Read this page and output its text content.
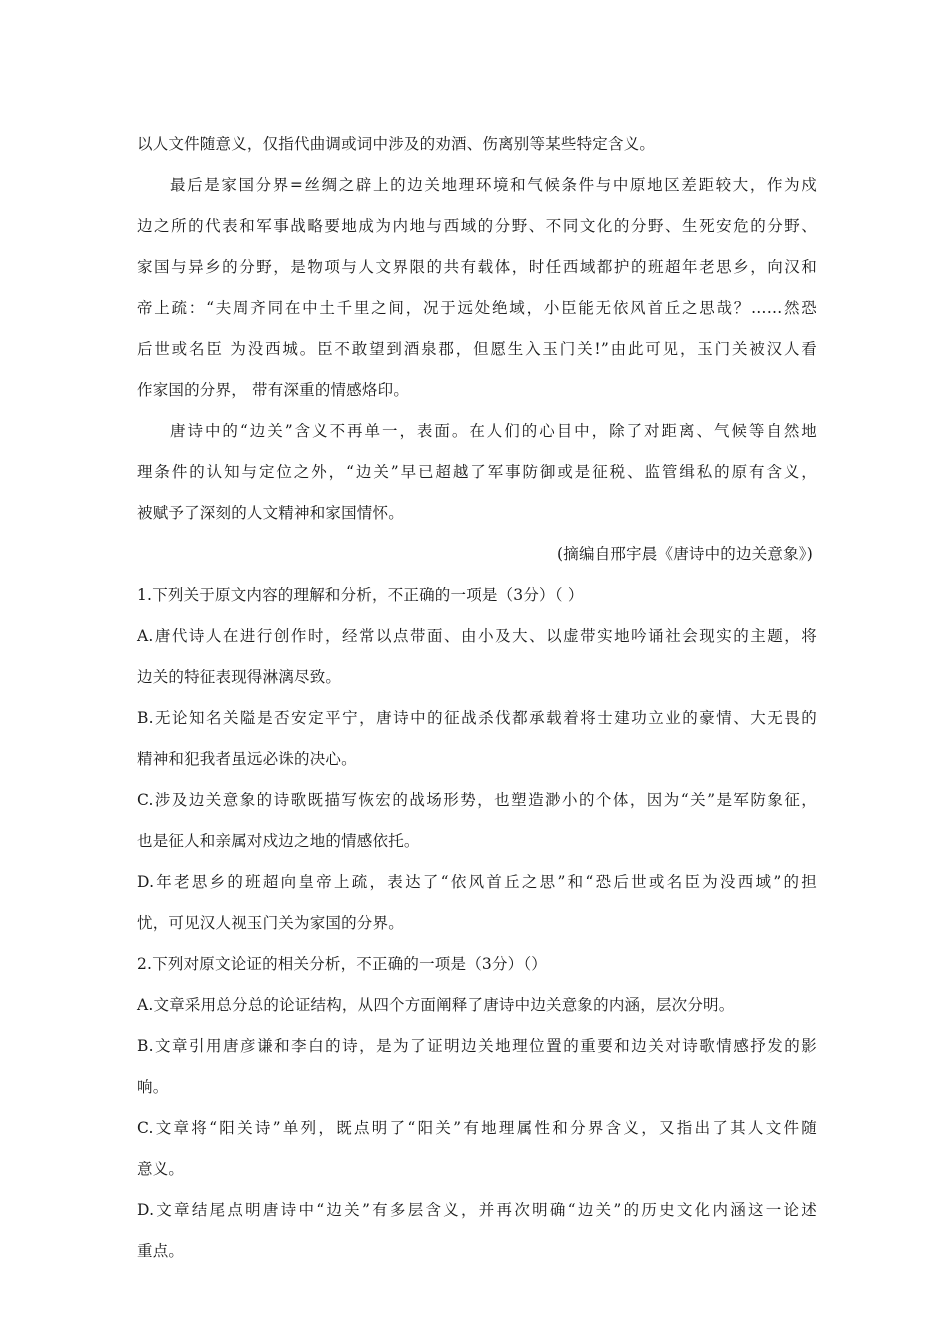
以人文件随意义，仅指代曲调或词中涉及的劝酒、伤离别等某些特定含义。
最后是家国分界=丝绸之辟上的边关地理环境和气候条件与中原地区差距较大，作为戍
边之所的代表和军事战略要地成为内地与西域的分野、不同文化的分野、生死安危的分野、
家国与异乡的分野，是物项与人文界限的共有载体，时任西域都护的班超年老思乡，向汉和
帝上疏：“夫周齐同在中土千里之间，况于远处绝域，小臣能无依风首丘之思哉？……然恐
后世或名臣 为没西城。臣不敢望到酒泉郡，但愿生入玉门关!”由此可见，玉门关被汉人看
作家国的分界， 带有深重的情感烙印。
唐诗中的“边关”含义不再单一，表面。在人们的心目中，除了对距离、气候等自然地
理条件的认知与定位之外，“边关”早已超越了军事防御或是征税、监管缉私的原有含义，
被赋予了深刻的人文精神和家国情怀。
(摘编自邢宇晨《唐诗中的边关意象》)
1.下列关于原文内容的理解和分析，不正确的一项是（3分）（ ）
A.唐代诗人在进行创作时，经常以点带面、由小及大、以虚带实地吟诵社会现实的主题，将
边关的特征表现得淋漓尽致。
B.无论知名关隘是否安定平宁，唐诗中的征战杀伐都承载着将士建功立业的豪情、大无畏的
精神和犯我者虽远必诛的决心。
C.涉及边关意象的诗歌既描写恢宏的战场形势，也塑造渺小的个体，因为“关”是军防象征，
也是征人和亲属对戍边之地的情感依托。
D.年老思乡的班超向皇帝上疏，表达了“依风首丘之思”和“恐后世或名臣为没西域”的担
忧，可见汉人视玉门关为家国的分界。
2.下列对原文论证的相关分析，不正确的一项是（3分）（）
A.文章采用总分总的论证结构，从四个方面阐释了唐诗中边关意象的内涵，层次分明。
B.文章引用唐彦谦和李白的诗，是为了证明边关地理位置的重要和边关对诗歌情感抒发的影
响。
C.文章将“阳关诗”单列，既点明了“阳关”有地理属性和分界含义，又指出了其人文件随
意义。
D.文章结尾点明唐诗中“边关”有多层含义，并再次明确“边关”的历史文化内涵这一论述
重点。
